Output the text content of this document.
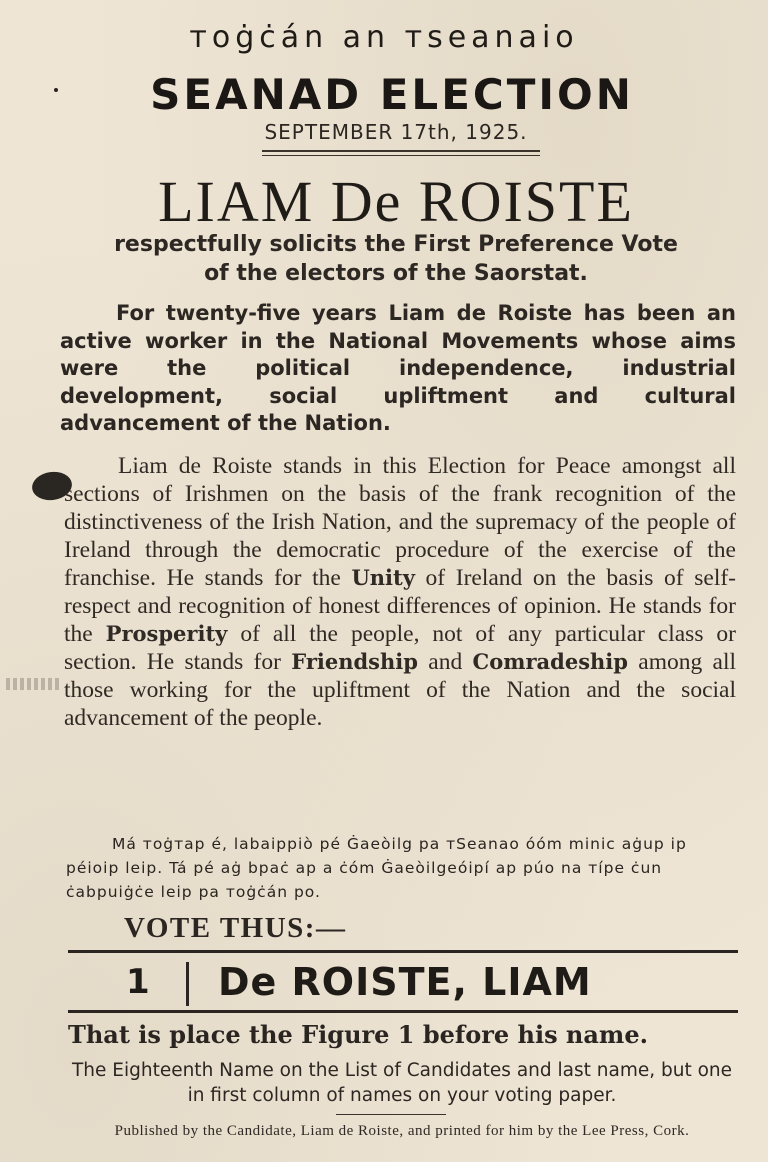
ᴛoġċán an ᴛseanaio
SEANAD ELECTION
SEPTEMBER 17th, 1925.
LIAM De ROISTE
respectfully solicits the First Preference Vote
of the electors of the Saorstat.
For twenty-five years Liam de Roiste has been an active worker in the National Movements whose aims were the political independence, industrial development, social upliftment and cultural advancement of the Nation.
Liam de Roiste stands in this Election for Peace amongst all sections of Irishmen on the basis of the frank recognition of the distinctiveness of the Irish Nation, and the supremacy of the people of Ireland through the democratic procedure of the exercise of the franchise. He stands for the Unity of Ireland on the basis of self-respect and recognition of honest differences of opinion. He stands for the Prosperity of all the people, not of any particular class or section. He stands for Friendship and Comradeship among all those working for the upliftment of the Nation and the social advancement of the people.
Má ᴛoġᴛap é, labaippiò pé Ġaeòilg pa ᴛSeanao óóm minic aġup ip péioip leip. Tá pé aġ bpaċ ap a ċóm Ġaeòilgeóipí ap púo na ᴛípe ċun ċabpuiġċe leip pa ᴛoġċán po.
VOTE THUS:—
1 De ROISTE, LIAM
That is place the Figure 1 before his name.
The Eighteenth Name on the List of Candidates and last name, but one in first column of names on your voting paper.
Published by the Candidate, Liam de Roiste, and printed for him by the Lee Press, Cork.
